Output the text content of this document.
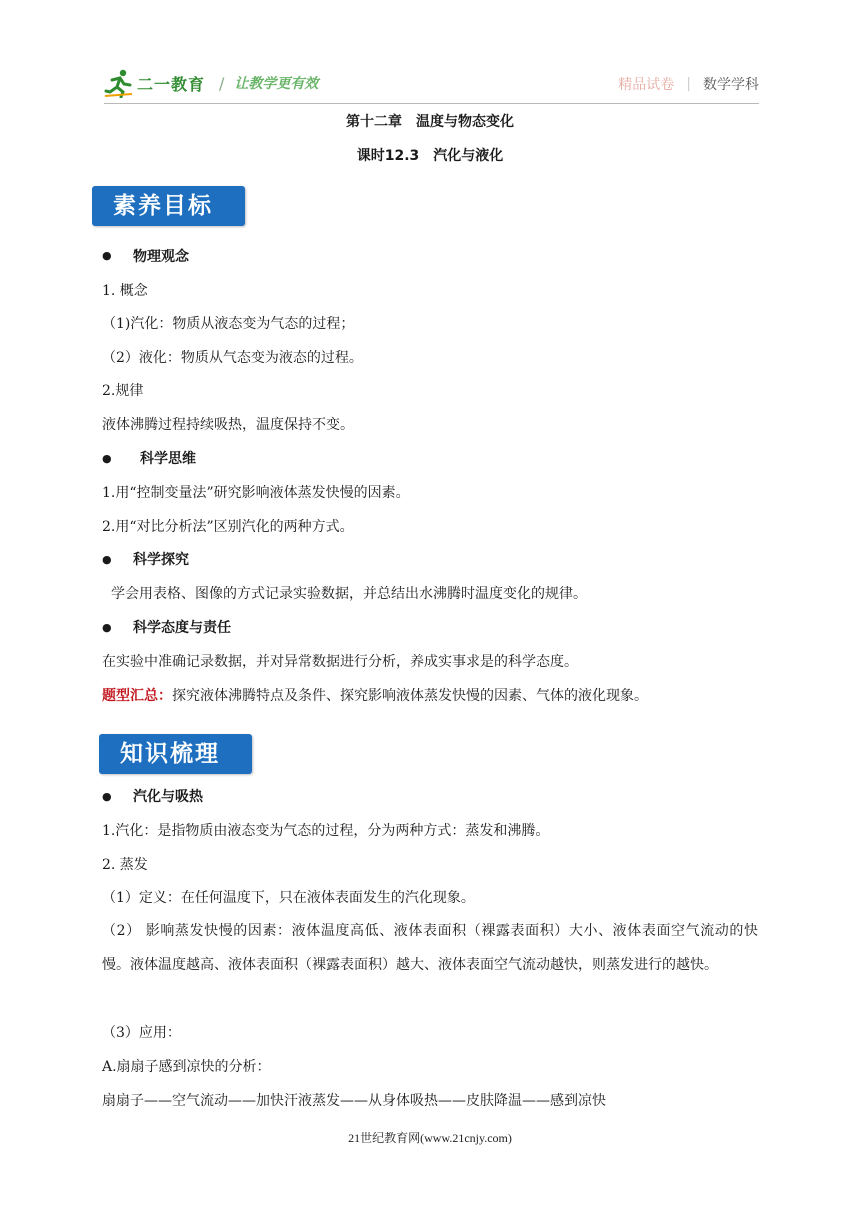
二一教育 / 让教学更有效	精品试卷 | 数学学科
第十二章　温度与物态变化
课时12.3　汽化与液化
素养目标
● 物理观念
1. 概念
（1)汽化：物质从液态变为气态的过程；
（2）液化：物质从气态变为液态的过程。
2.规律
液体沸腾过程持续吸热，温度保持不变。
● 科学思维
1.用“控制变量法”研究影响液体蒸发快慢的因素。
2.用“对比分析法”区别汽化的两种方式。
● 科学探究
学会用表格、图像的方式记录实验数据，并总结出水沸腾时温度变化的规律。
● 科学态度与责任
在实验中准确记录数据，并对异常数据进行分析，养成实事求是的科学态度。
题型汇总：探究液体沸腾特点及条件、探究影响液体蒸发快慢的因素、气体的液化现象。
知识梳理
● 汽化与吸热
1.汽化：是指物质由液态变为气态的过程，分为两种方式：蒸发和沸腾。
2. 蒸发
（1）定义：在任何温度下，只在液体表面发生的汽化现象。
（2） 影响蒸发快慢的因素：液体温度高低、液体表面积（裸露表面积）大小、液体表面空气流动的快慢。液体温度越高、液体表面积（裸露表面积）越大、液体表面空气流动越快，则蒸发进行的越快。
（3）应用：
A.扇扇子感到凉快的分析：
扇扇子——空气流动——加快汗液蒸发——从身体吸热——皮肤降温——感到凉快
21世纪教育网(www.21cnjy.com)
